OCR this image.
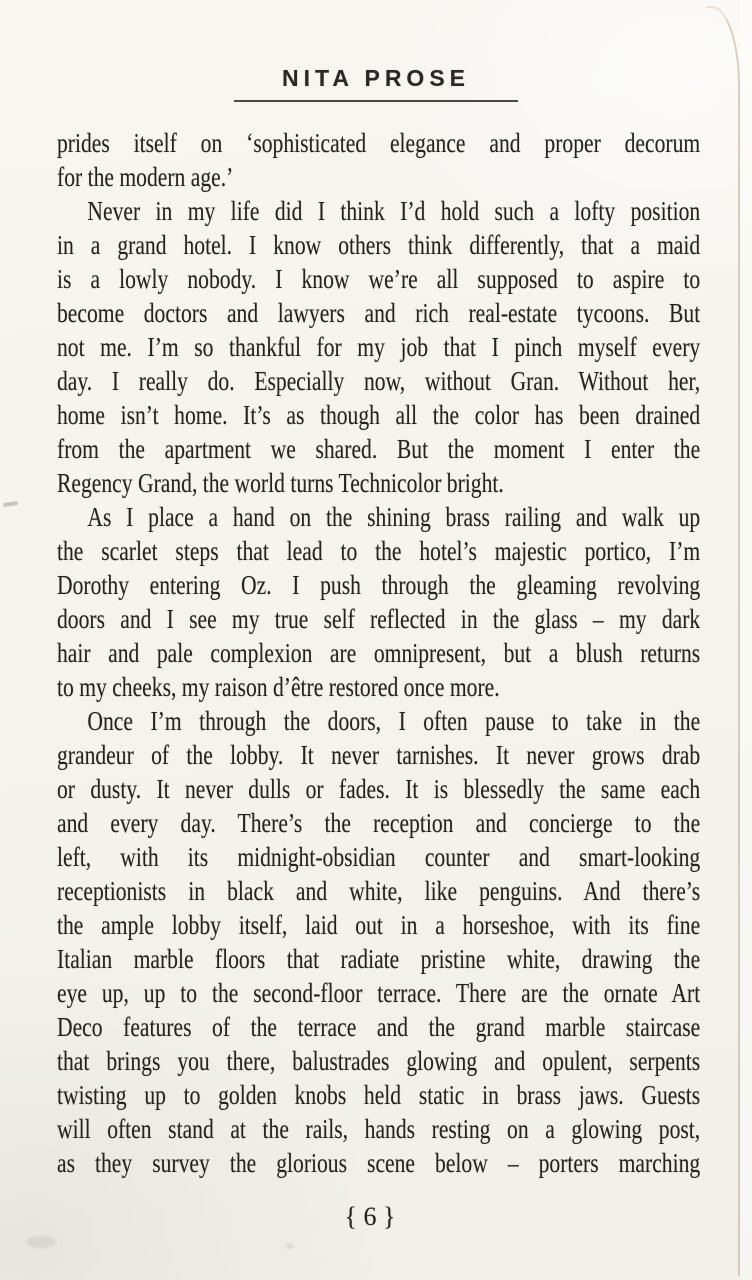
NITA PROSE
prides itself on ‘sophisticated elegance and proper decorum
for the modern age.’
Never in my life did I think I’d hold such a lofty position
in a grand hotel. I know others think differently, that a maid
is a lowly nobody. I know we’re all supposed to aspire to
become doctors and lawyers and rich real-estate tycoons. But
not me. I’m so thankful for my job that I pinch myself every
day. I really do. Especially now, without Gran. Without her,
home isn’t home. It’s as though all the color has been drained
from the apartment we shared. But the moment I enter the
Regency Grand, the world turns Technicolor bright.
As I place a hand on the shining brass railing and walk up
the scarlet steps that lead to the hotel’s majestic portico, I’m
Dorothy entering Oz. I push through the gleaming revolving
doors and I see my true self reflected in the glass – my dark
hair and pale complexion are omnipresent, but a blush returns
to my cheeks, my raison d’être restored once more.
Once I’m through the doors, I often pause to take in the
grandeur of the lobby. It never tarnishes. It never grows drab
or dusty. It never dulls or fades. It is blessedly the same each
and every day. There’s the reception and concierge to the
left, with its midnight-obsidian counter and smart-looking
receptionists in black and white, like penguins. And there’s
the ample lobby itself, laid out in a horseshoe, with its fine
Italian marble floors that radiate pristine white, drawing the
eye up, up to the second-floor terrace. There are the ornate Art
Deco features of the terrace and the grand marble staircase
that brings you there, balustrades glowing and opulent, serpents
twisting up to golden knobs held static in brass jaws. Guests
will often stand at the rails, hands resting on a glowing post,
as they survey the glorious scene below – porters marching
{ 6 }
